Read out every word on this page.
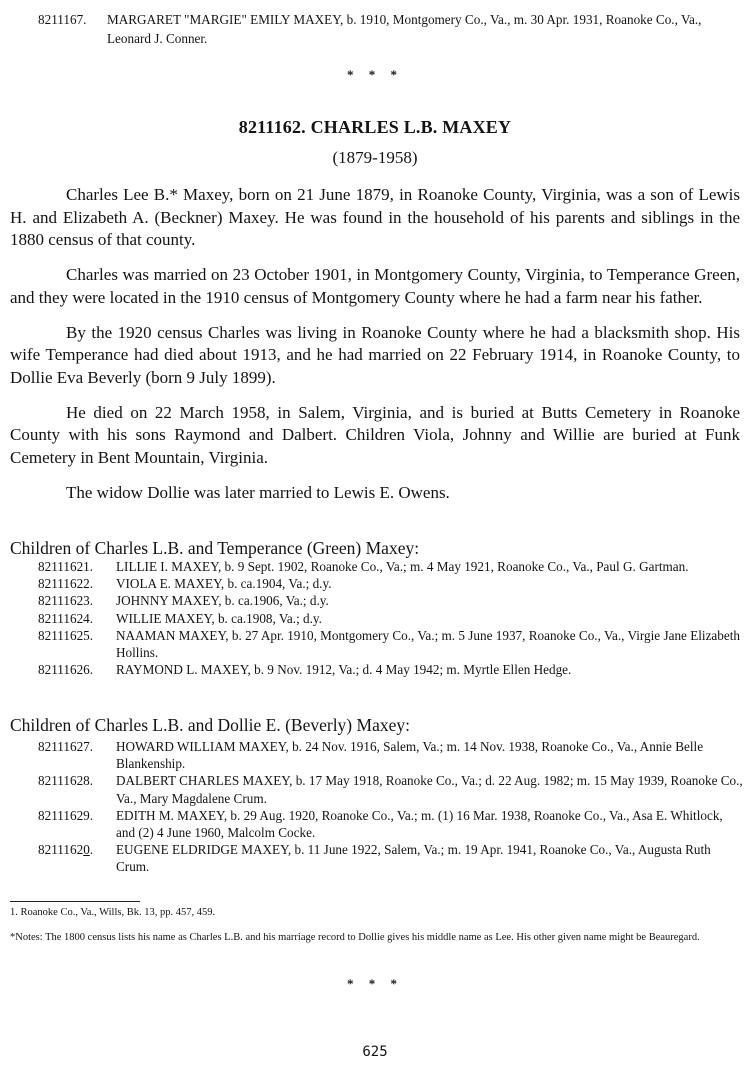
8211167. MARGARET "MARGIE" EMILY MAXEY, b. 1910, Montgomery Co., Va., m. 30 Apr. 1931, Roanoke Co., Va., Leonard J. Conner.
* * *
8211162. CHARLES L.B. MAXEY
(1879-1958)

Charles Lee B.* Maxey, born on 21 June 1879, in Roanoke County, Virginia, was a son of Lewis H. and Elizabeth A. (Beckner) Maxey. He was found in the household of his parents and siblings in the 1880 census of that county.

Charles was married on 23 October 1901, in Montgomery County, Virginia, to Temperance Green, and they were located in the 1910 census of Montgomery County where he had a farm near his father.

By the 1920 census Charles was living in Roanoke County where he had a blacksmith shop. His wife Temperance had died about 1913, and he had married on 22 February 1914, in Roanoke County, to Dollie Eva Beverly (born 9 July 1899).

He died on 22 March 1958, in Salem, Virginia, and is buried at Butts Cemetery in Roanoke County with his sons Raymond and Dalbert. Children Viola, Johnny and Willie are buried at Funk Cemetery in Bent Mountain, Virginia.

The widow Dollie was later married to Lewis E. Owens.

Children of Charles L.B. and Temperance (Green) Maxey:
82111621. LILLIE I. MAXEY, b. 9 Sept. 1902, Roanoke Co., Va.; m. 4 May 1921, Roanoke Co., Va., Paul G. Gartman.
82111622. VIOLA E. MAXEY, b. ca.1904, Va.; d.y.
82111623. JOHNNY MAXEY, b. ca.1906, Va.; d.y.
82111624. WILLIE MAXEY, b. ca.1908, Va.; d.y.
82111625. NAAMAN MAXEY, b. 27 Apr. 1910, Montgomery Co., Va.; m. 5 June 1937, Roanoke Co., Va., Virgie Jane Elizabeth Hollins.
82111626. RAYMOND L. MAXEY, b. 9 Nov. 1912, Va.; d. 4 May 1942; m. Myrtle Ellen Hedge.
Children of Charles L.B. and Dollie E. (Beverly) Maxey:
82111627. HOWARD WILLIAM MAXEY, b. 24 Nov. 1916, Salem, Va.; m. 14 Nov. 1938, Roanoke Co., Va., Annie Belle Blankenship.
82111628. DALBERT CHARLES MAXEY, b. 17 May 1918, Roanoke Co., Va.; d. 22 Aug. 1982; m. 15 May 1939, Roanoke Co., Va., Mary Magdalene Crum.
82111629. EDITH M. MAXEY, b. 29 Aug. 1920, Roanoke Co., Va.; m. (1) 16 Mar. 1938, Roanoke Co., Va., Asa E. Whitlock, and (2) 4 June 1960, Malcolm Cocke.
82111620. EUGENE ELDRIDGE MAXEY, b. 11 June 1922, Salem, Va.; m. 19 Apr. 1941, Roanoke Co., Va., Augusta Ruth Crum.
1. Roanoke Co., Va., Wills, Bk. 13, pp. 457, 459.
*Notes: The 1800 census lists his name as Charles L.B. and his marriage record to Dollie gives his middle name as Lee. His other given name might be Beauregard.
* * *
625
